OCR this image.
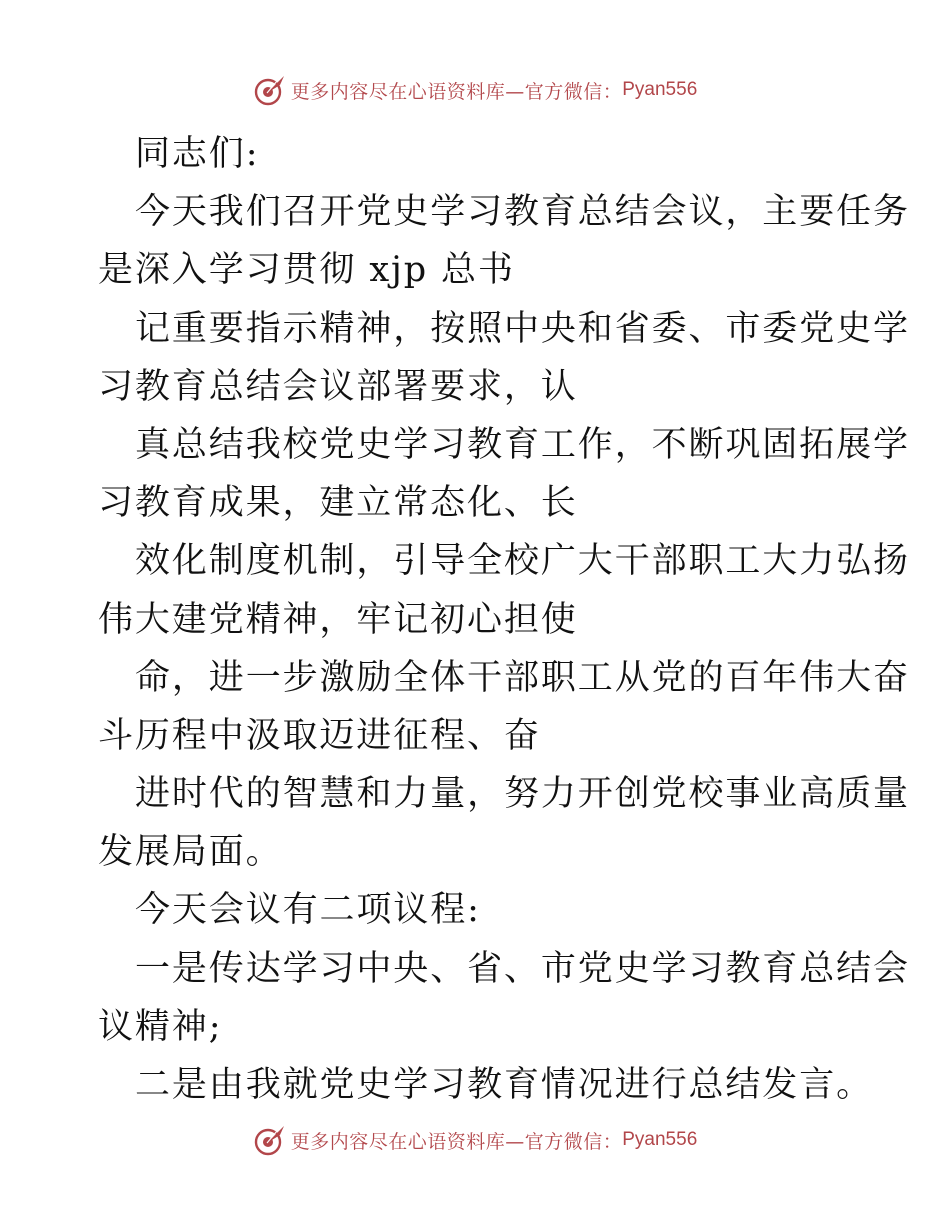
更多内容尽在心语资料库—官方微信： Pyan556
同志们:
今天我们召开党史学习教育总结会议，主要任务
是深入学习贯彻 xjp 总书
记重要指示精神，按照中央和省委、市委党史学
习教育总结会议部署要求，认
真总结我校党史学习教育工作，不断巩固拓展学
习教育成果，建立常态化、长
效化制度机制，引导全校广大干部职工大力弘扬
伟大建党精神，牢记初心担使
命，进一步激励全体干部职工从党的百年伟大奋
斗历程中汲取迈进征程、奋
进时代的智慧和力量，努力开创党校事业高质量
发展局面。
今天会议有二项议程:
一是传达学习中央、省、市党史学习教育总结会
议精神;
二是由我就党史学习教育情况进行总结发言。
更多内容尽在心语资料库—官方微信： Pyan556
